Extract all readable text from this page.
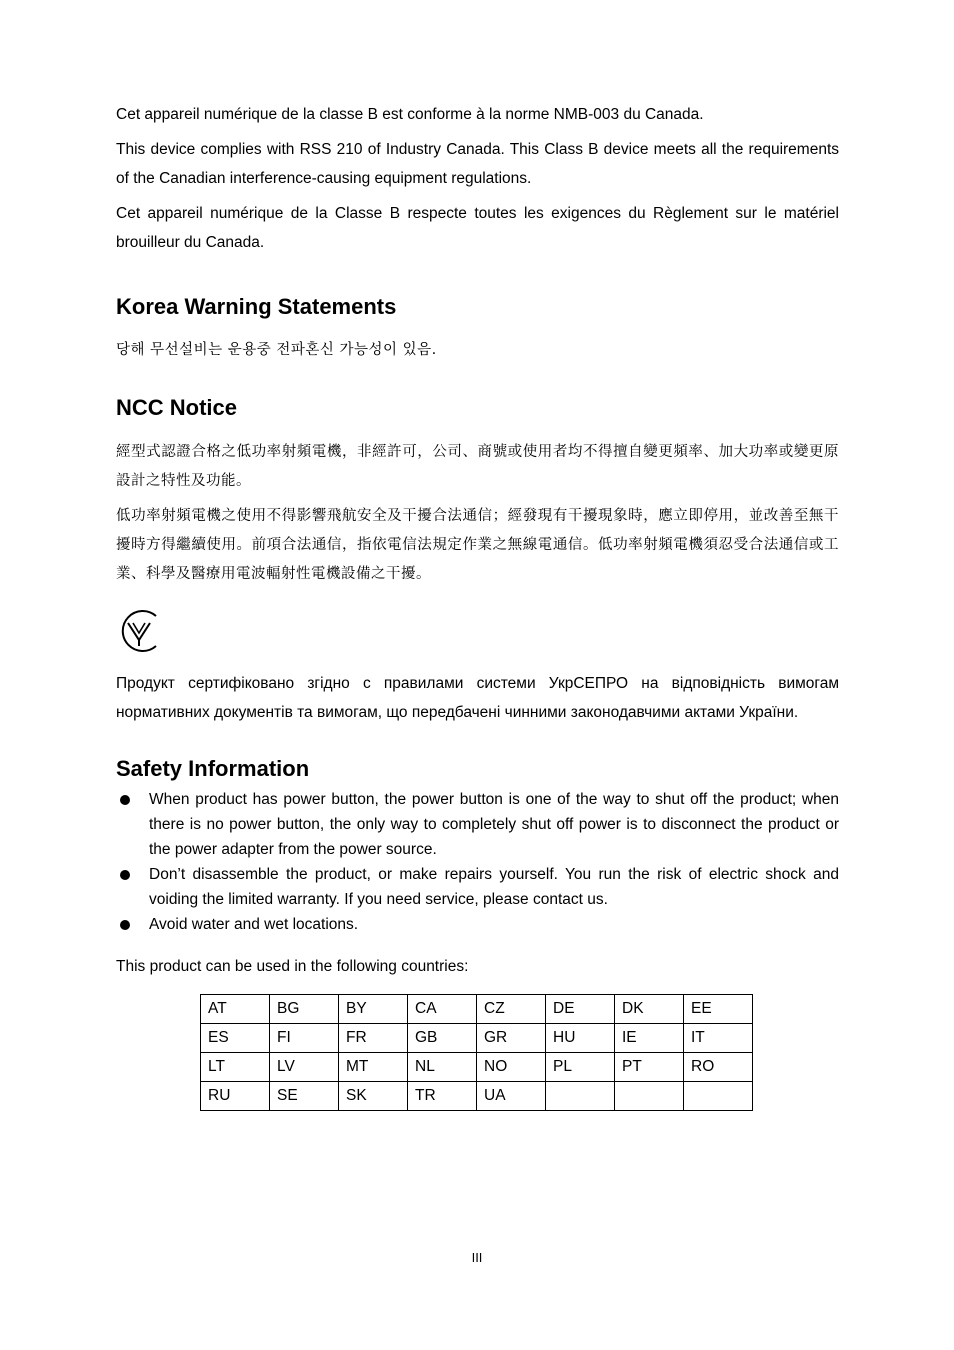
Cet appareil numérique de la classe B est conforme à la norme NMB-003 du Canada.

This device complies with RSS 210 of Industry Canada. This Class B device meets all the requirements of the Canadian interference-causing equipment regulations.

Cet appareil numérique de la Classe B respecte toutes les exigences du Règlement sur le matériel brouilleur du Canada.

Korea Warning Statements

당해 무선설비는 운용중 전파혼신 가능성이 있음.

NCC Notice

經型式認證合格之低功率射頻電機，非經許可，公司、商號或使用者均不得擅自變更頻率、加大功率或變更原設計之特性及功能。

低功率射頻電機之使用不得影響飛航安全及干擾合法通信；經發現有干擾現象時，應立即停用，並改善至無干擾時方得繼續使用。前項合法通信，指依電信法規定作業之無線電通信。低功率射頻電機須忍受合法通信或工業、科學及醫療用電波輻射性電機設備之干擾。

Продукт сертифіковано згідно с правилами системи УкрСЕПРО на відповідність вимогам нормативних документів та вимогам, що передбачені чинними законодавчими актами України.

Safety Information
When product has power button, the power button is one of the way to shut off the product; when there is no power button, the only way to completely shut off power is to disconnect the product or the power adapter from the power source.
Don’t disassemble the product, or make repairs yourself. You run the risk of electric shock and voiding the limited warranty. If you need service, please contact us.
Avoid water and wet locations.

This product can be used in the following countries:

AT	BG	BY	CA	CZ	DE	DK	EE
ES	FI	FR	GB	GR	HU	IE	IT
LT	LV	MT	NL	NO	PL	PT	RO
RU	SE	SK	TR	UA			
III
